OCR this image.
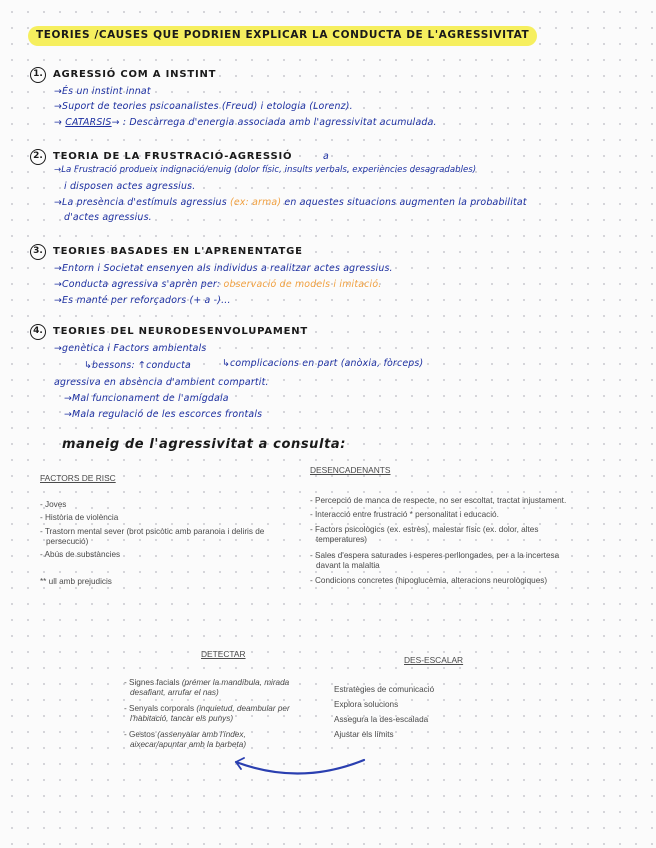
TEORIES /CAUSES QUE PODRIEN EXPLICAR LA CONDUCTA DE L'AGRESSIVITAT
1.	AGRESSIÓ COM A INSTINT
→És un instint innat
→Suport de teories psicoanalistes (Freud) i etologia (Lorenz).
→ CATARSIS→ : Descàrrega d'energia associada amb l'agressivitat acumulada.
2.	TEORIA DE LA FRUSTRACIÓ-AGRESSIÓ	a
→La Frustració produeix indignació/enuig (dolor físic, insults verbals, experiències desagradables)
i disposen actes agressius.
→La presència d'estímuls agressius (ex: arma) en aquestes situacions augmenten la probabilitat
d'actes agressius.
3.	TEORIES BASADES EN L'APRENENTATGE
→Entorn i Societat ensenyen als individus a realitzar actes agressius.
→Conducta agressiva s'aprèn per: observació de models i imitació.
→Es manté per reforçadors (+ a -)...
4.	TEORIES DEL NEURODESENVOLUPAMENT
→genètica i Factors ambientals
↳bessons: ↑conducta	↳complicacions en part (anòxia, fòrceps)
agressiva en absència d'ambient compartit.
→Mal funcionament de l'amígdala
→Mala regulació de les escorces frontals
maneig de l'agressivitat a consulta:
FACTORS DE RISC
- Joves
- Història de violència
- Trastorn mental sever (brot psicòtic amb paranoia i deliris de
persecució)
- Abús de substàncies
** ull amb prejudicis
DESENCADENANTS
- Percepció de manca de respecte, no ser escoltat, tractat injustament.
- Interacció entre frustració * personalitat i educació.
- Factors psicològics (ex. estrès), malestar físic (ex. dolor, altes
temperatures)
- Sales d'espera saturades i esperes perllongades, per a la incertesa
davant la malaltia
- Condicions concretes (hipoglucèmia, alteracions neurològiques)
DETECTAR
- Signes facials (prémer la mandíbula, mirada
desafiant, arrufar el nas)
- Senyals corporals (inquietud, deambular per
l'habitació, tancar els punys)
- Gestos (assenyalar amb l'índex,
aixecar/apuntar amb la barbeta)
DES-ESCALAR
Estratègies de comunicació
Explora solucions
Assegura la des-escalada
Ajustar els límits
